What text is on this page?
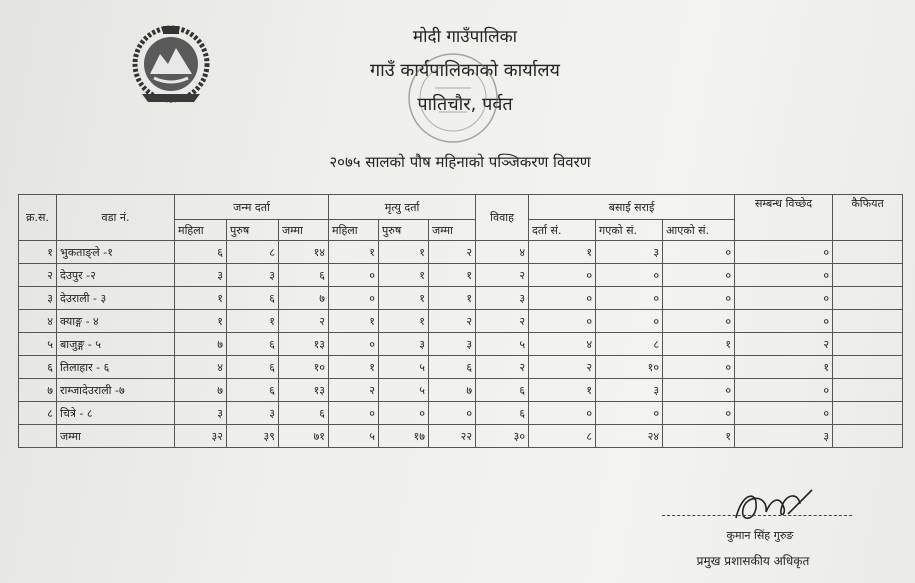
मोदी गाउँपालिका
गाउँ कार्यपालिकाको कार्यालय
पातिचौर, पर्वत
२०७५ सालको पौष महिनाको पञ्जिकरण विवरण
क्र.स.	वडा नं.	जन्म दर्ता			मृत्यु दर्ता			विवाह	बसाई सराई			सम्बन्ध विच्छेद	कैफियत
		महिला	पुरुष	जम्मा	महिला	पुरुष	जम्मा		दर्ता सं.	गएको सं.	आएको सं.		
१	भुकताङ्ले -१	६	८	१४	१	१	२	४	१	३	०	०	
२	देउपुर -२	३	३	६	०	१	१	२	०	०	०	०	
३	देउराली - ३	१	६	७	०	१	१	३	०	०	०	०	
४	क्याङ्ग - ४	१	१	२	१	१	२	२	०	०	०	०	
५	बाजुङ्ग - ५	७	६	१३	०	३	३	५	४	८	१	२	
६	तिलाहार - ६	४	६	१०	१	५	६	२	२	१०	०	१	
७	राम्जादेउराली -७	७	६	१३	२	५	७	६	१	३	०	०	
८	चित्रे - ८	३	३	६	०	०	०	६	०	०	०	०	
	जम्मा	३२	३९	७१	५	१७	२२	३०	८	२४	१	३	
कुमान सिंह गुरुङ
प्रमुख प्रशासकीय अधिकृत
